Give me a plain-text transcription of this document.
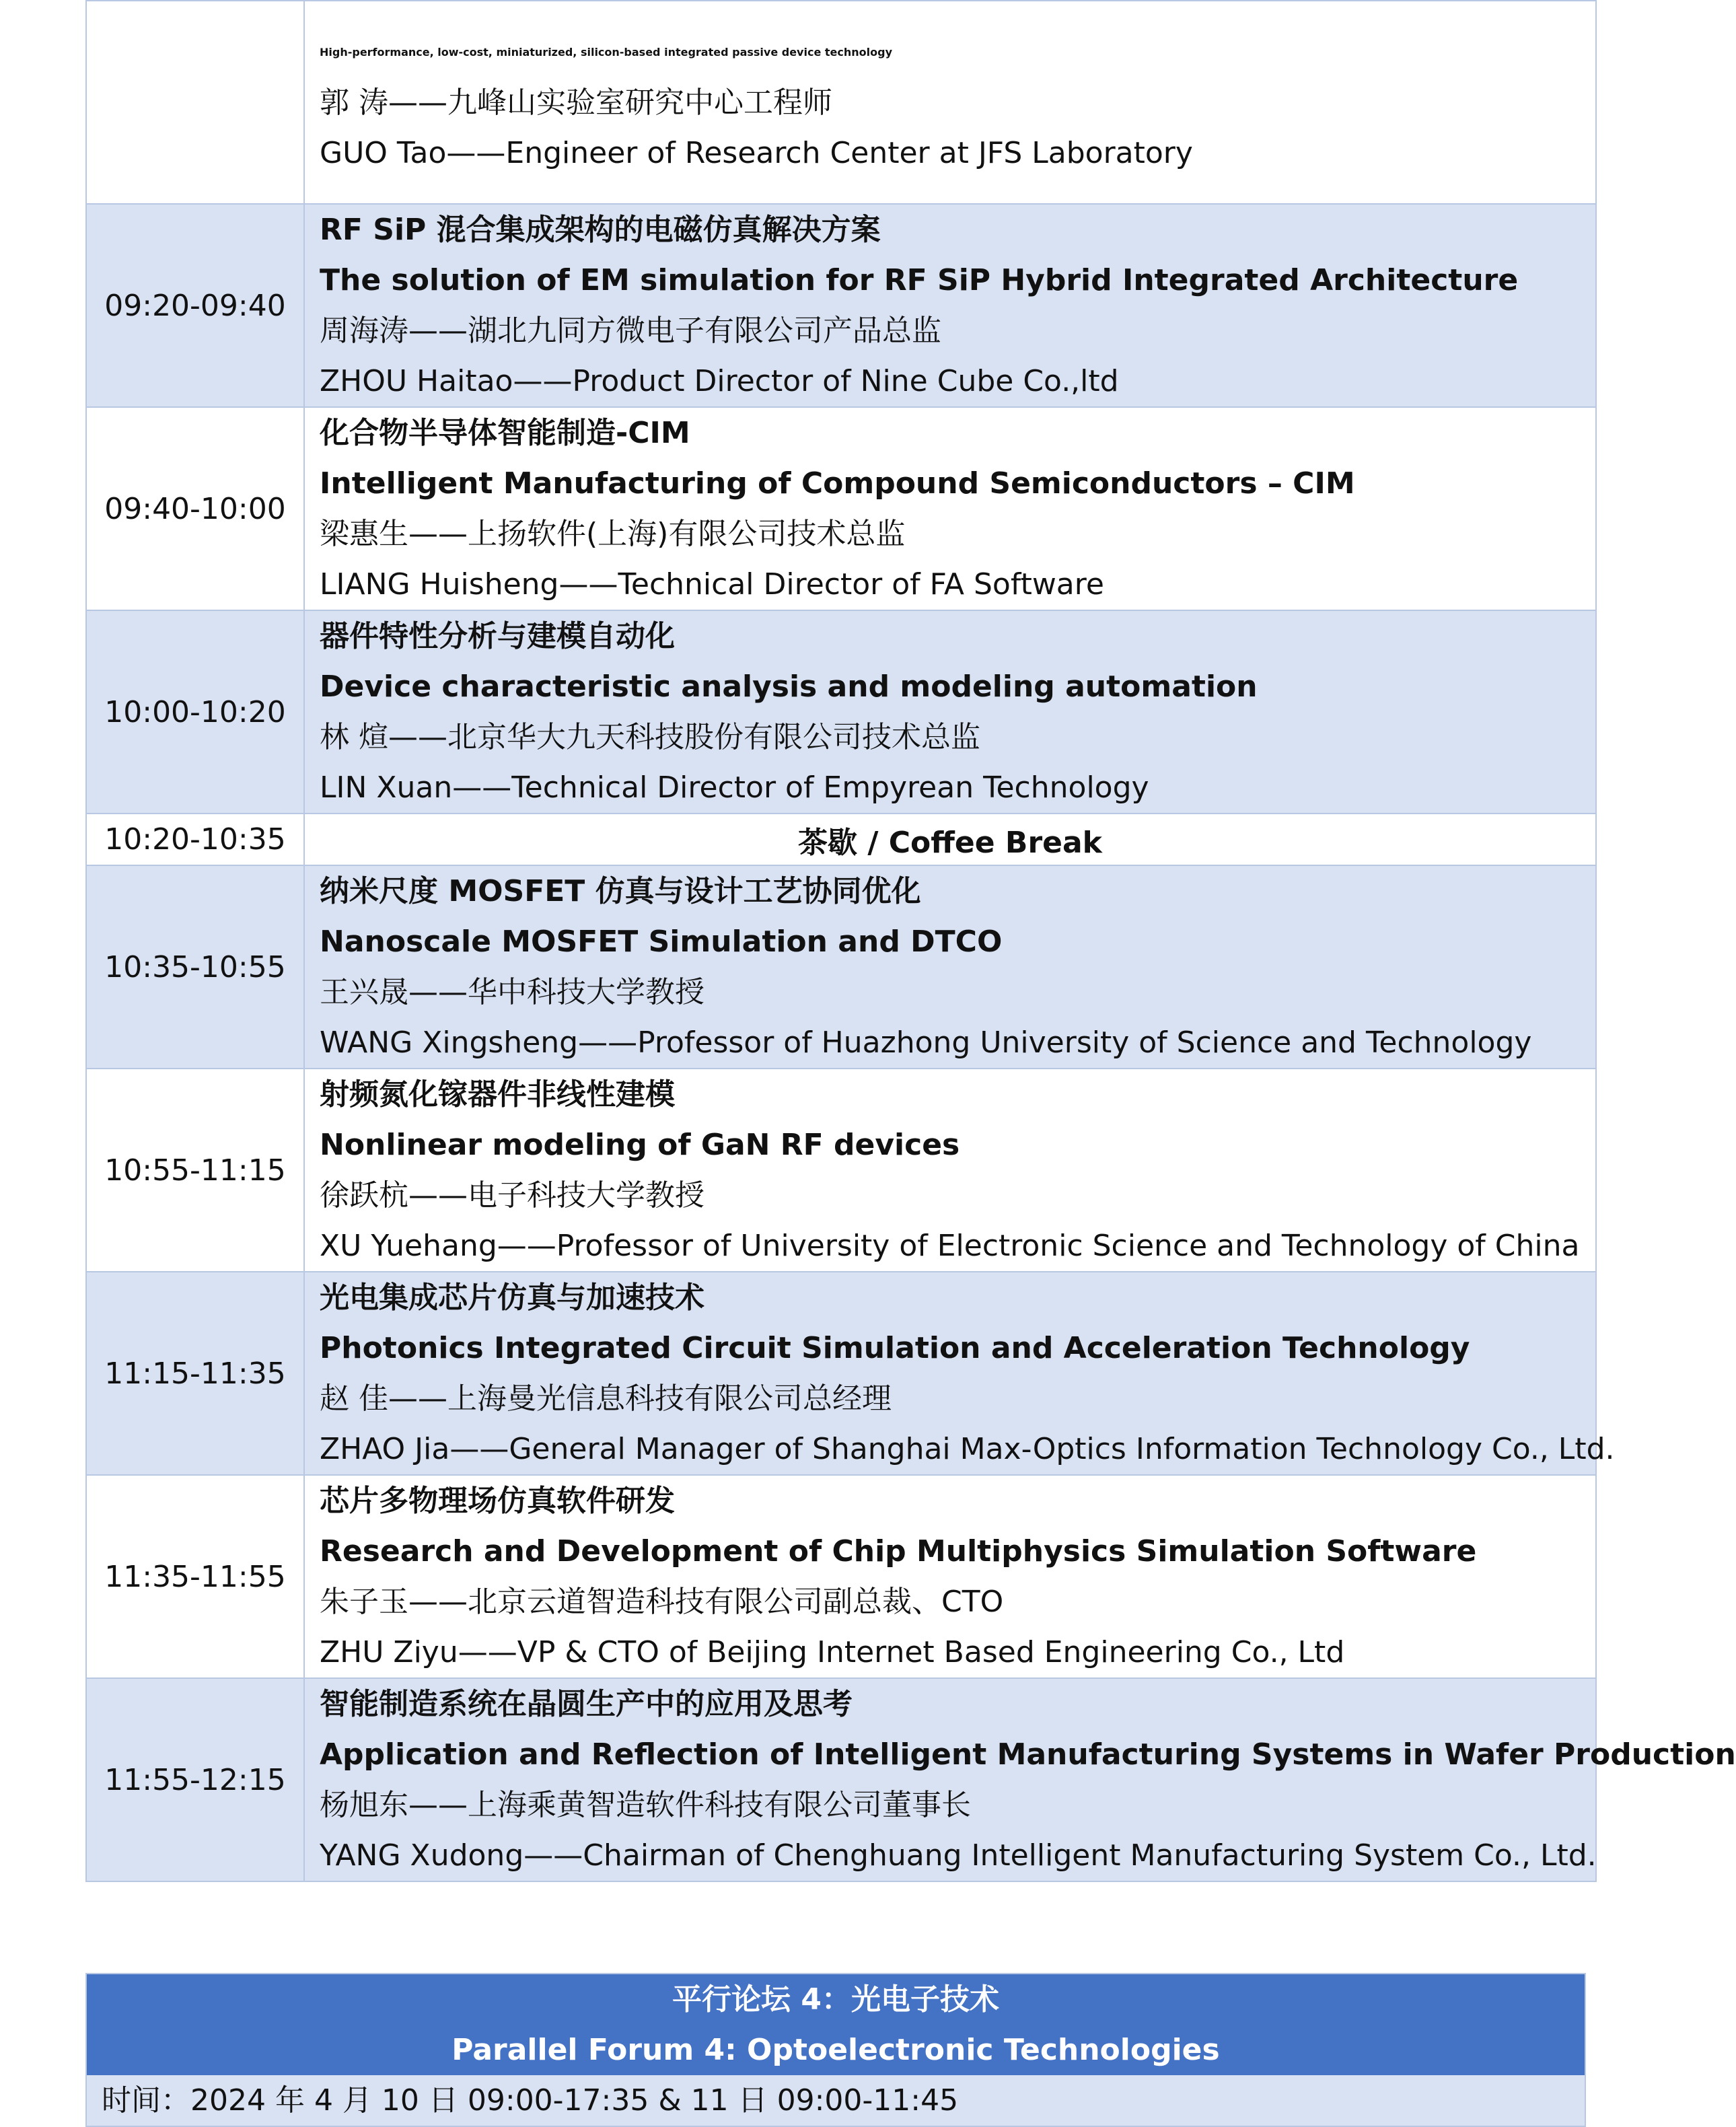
	High-performance, low-cost, miniaturized, silicon-based integrated passive device technology
郭 涛——九峰山实验室研究中心工程师
GUO Tao——Engineer of Research Center at JFS Laboratory

09:20-09:40	RF SiP 混合集成架构的电磁仿真解决方案
The solution of EM simulation for RF SiP Hybrid Integrated Architecture
周海涛——湖北九同方微电子有限公司产品总监
ZHOU Haitao——Product Director of Nine Cube Co.,ltd

09:40-10:00	化合物半导体智能制造-CIM
Intelligent Manufacturing of Compound Semiconductors – CIM
梁惠生——上扬软件(上海)有限公司技术总监
LIANG Huisheng——Technical Director of FA Software

10:00-10:20	器件特性分析与建模自动化
Device characteristic analysis and modeling automation
林 煊——北京华大九天科技股份有限公司技术总监
LIN Xuan——Technical Director of Empyrean Technology

10:20-10:35	茶歇 / Coffee Break
10:35-10:55	纳米尺度 MOSFET 仿真与设计工艺协同优化
Nanoscale MOSFET Simulation and DTCO
王兴晟——华中科技大学教授
WANG Xingsheng——Professor of Huazhong University of Science and Technology

10:55-11:15	射频氮化镓器件非线性建模
Nonlinear modeling of GaN RF devices
徐跃杭——电子科技大学教授
XU Yuehang——Professor of University of Electronic Science and Technology of China

11:15-11:35	光电集成芯片仿真与加速技术
Photonics Integrated Circuit Simulation and Acceleration Technology
赵 佳——上海曼光信息科技有限公司总经理
ZHAO Jia——General Manager of Shanghai Max-Optics Information Technology Co., Ltd.

11:35-11:55	芯片多物理场仿真软件研发
Research and Development of Chip Multiphysics Simulation Software
朱子玉——北京云道智造科技有限公司副总裁、CTO
ZHU Ziyu——VP & CTO of Beijing Internet Based Engineering Co., Ltd

11:55-12:15	智能制造系统在晶圆生产中的应用及思考
Application and Reflection of Intelligent Manufacturing Systems in Wafer Production
杨旭东——上海乘黄智造软件科技有限公司董事长
YANG Xudong——Chairman of Chenghuang Intelligent Manufacturing System Co., Ltd.
平行论坛 4：光电子技术
Parallel Forum 4: Optoelectronic Technologies
时间：2024 年 4 月 10 日 09:00-17:35 & 11 日 09:00-11:45
